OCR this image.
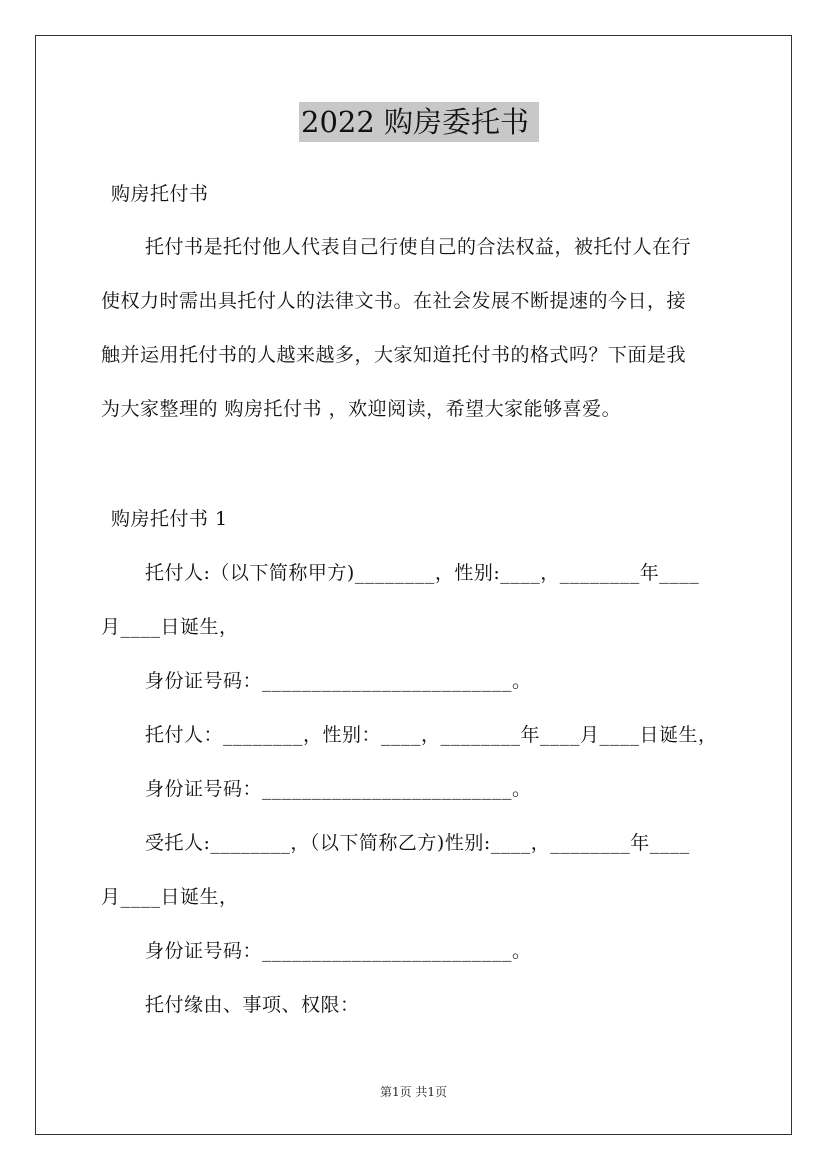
2022 购房委托书
购房托付书
托付书是托付他人代表自己行使自己的合法权益，被托付人在行
使权力时需出具托付人的法律文书。在社会发展不断提速的今日，接
触并运用托付书的人越来越多，大家知道托付书的格式吗？下面是我
为大家整理的 购房托付书 ，欢迎阅读，希望大家能够喜爱。
购房托付书 1
托付人:（以下简称甲方)________，性别:____，________年____
月____日诞生，
身份证号码：_________________________。
托付人：________，性别：____，________年____月____日诞生，
身份证号码：_________________________。
受托人:________，（以下简称乙方)性别:____，________年____
月____日诞生，
身份证号码：_________________________。
托付缘由、事项、权限：
第1页 共1页
